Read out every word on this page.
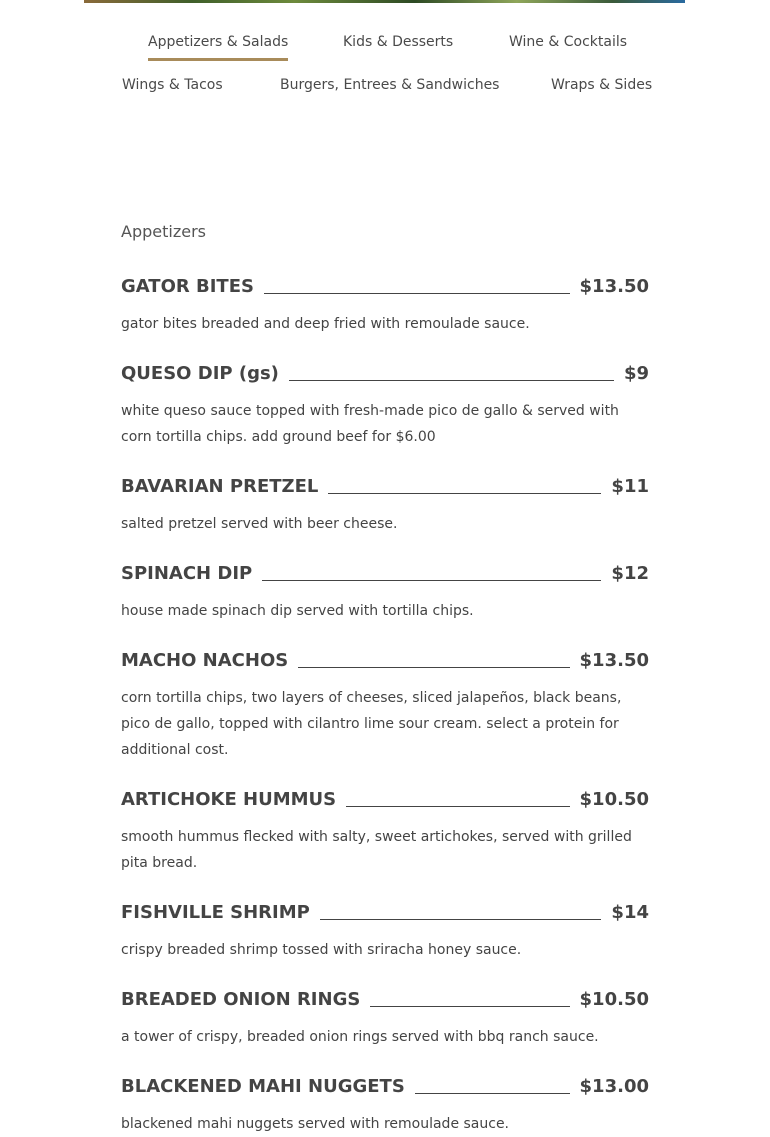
Appetizers & Salads	Kids & Desserts	Wine & Cocktails
Wings & Tacos	Burgers, Entrees & Sandwiches	Wraps & Sides
Appetizers
GATOR BITES	$13.50
gator bites breaded and deep fried with remoulade sauce.
QUESO DIP (gs)	$9
white queso sauce topped with fresh-made pico de gallo & served with corn tortilla chips. add ground beef for $6.00
BAVARIAN PRETZEL	$11
salted pretzel served with beer cheese.
SPINACH DIP	$12
house made spinach dip served with tortilla chips.
MACHO NACHOS	$13.50
corn tortilla chips, two layers of cheeses, sliced jalapeños, black beans, pico de gallo, topped with cilantro lime sour cream. select a protein for additional cost.
ARTICHOKE HUMMUS	$10.50
smooth hummus flecked with salty, sweet artichokes, served with grilled pita bread.
FISHVILLE SHRIMP	$14
crispy breaded shrimp tossed with sriracha honey sauce.
BREADED ONION RINGS	$10.50
a tower of crispy, breaded onion rings served with bbq ranch sauce.
BLACKENED MAHI NUGGETS	$13.00
blackened mahi nuggets served with remoulade sauce.
